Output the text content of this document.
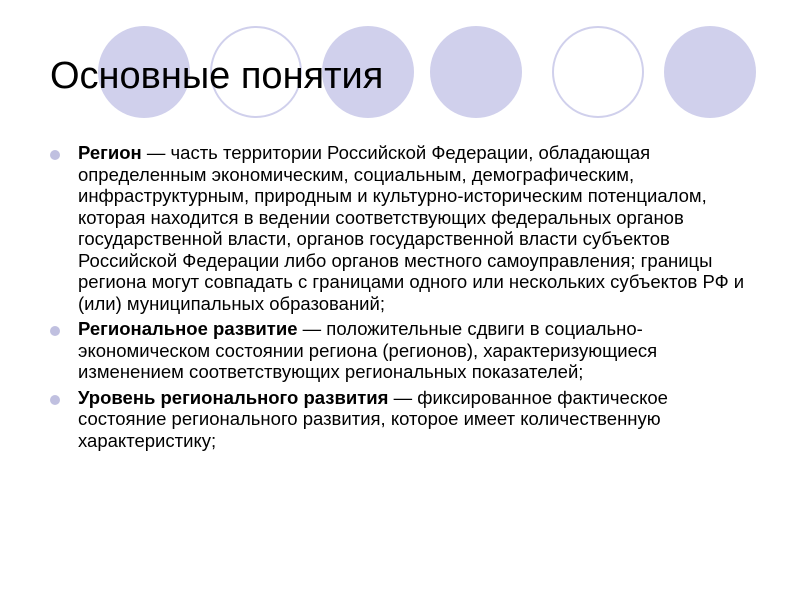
Основные понятия
Регион — часть территории Российской Федерации, обладающая определенным экономическим, социальным, демографическим, инфраструктурным, природным и культурно-историческим потенциалом, которая находится в ведении соответствующих федеральных органов государственной власти, органов государственной власти субъектов Российской Федерации либо органов местного самоуправления; границы региона могут совпадать с границами одного или нескольких субъектов РФ и (или) муниципальных образований;
Региональное развитие — положительные сдвиги в социально-экономическом состоянии региона (регионов), характеризующиеся изменением соответствующих региональных показателей;
Уровень регионального развития — фиксированное фактическое состояние регионального развития, которое имеет количественную характеристику;
